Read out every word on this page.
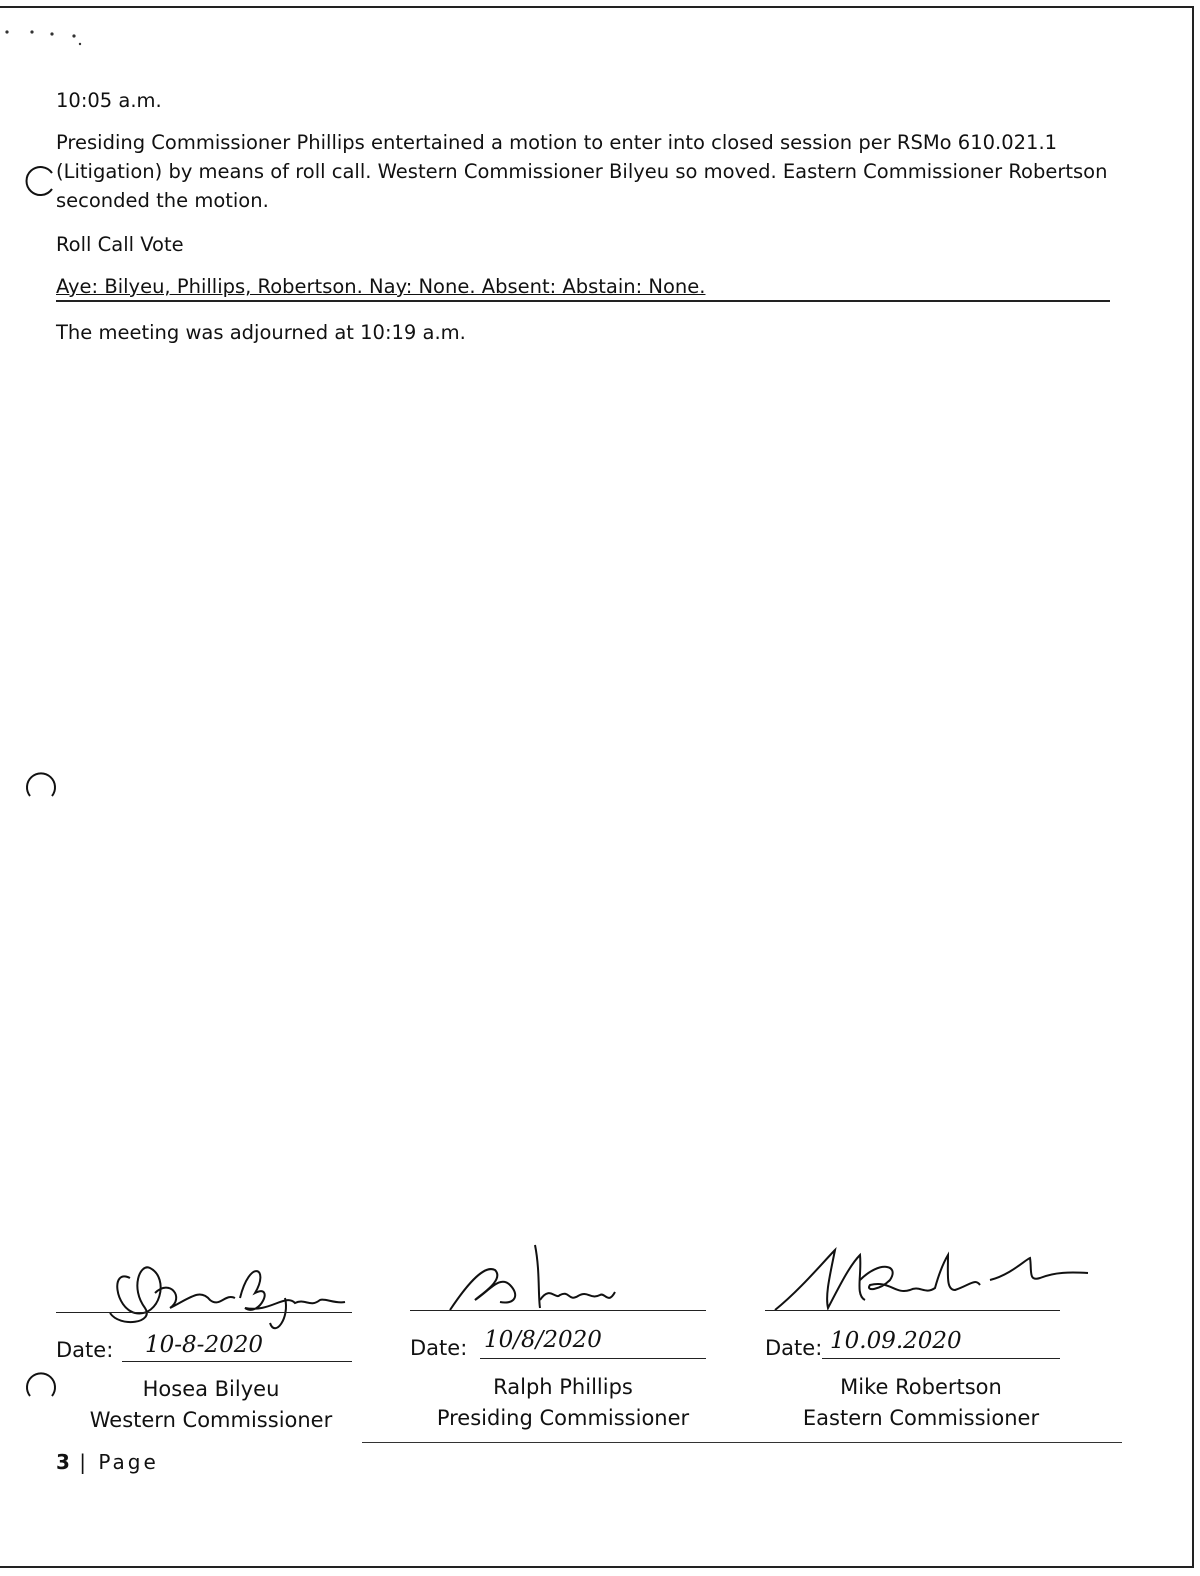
10:05 a.m.

Presiding Commissioner Phillips entertained a motion to enter into closed session per RSMo 610.021.1 (Litigation) by means of roll call. Western Commissioner Bilyeu so moved. Eastern Commissioner Robertson seconded the motion.

Roll Call Vote

Aye: Bilyeu, Phillips, Robertson. Nay: None. Absent: Abstain: None.

The meeting was adjourned at 10:19 a.m.

Date: 10-8-2020
Hosea Bilyeu
Western Commissioner
Date: 10/8/2020
Ralph Phillips
Presiding Commissioner
Date: 10.09.2020
Mike Robertson
Eastern Commissioner
3 | Page
